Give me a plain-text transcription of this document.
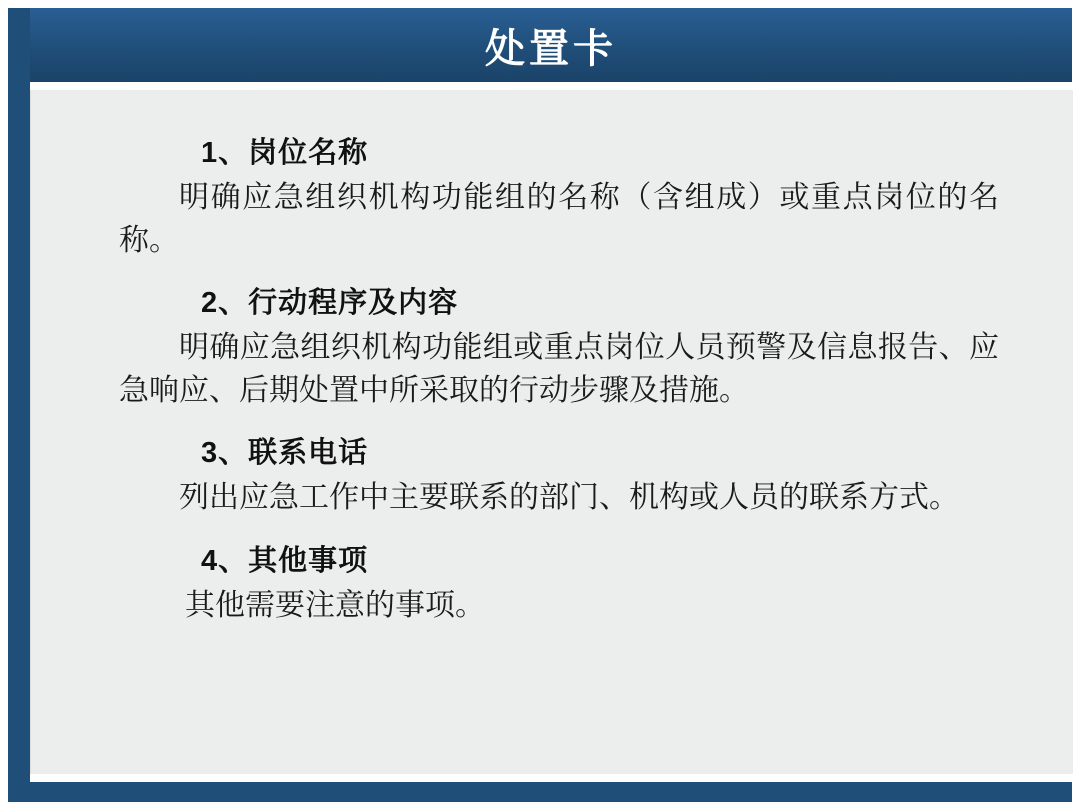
处置卡
1、岗位名称
明确应急组织机构功能组的名称（含组成）或重点岗位的名称。
2、行动程序及内容
明确应急组织机构功能组或重点岗位人员预警及信息报告、应急响应、后期处置中所采取的行动步骤及措施。
3、联系电话
列出应急工作中主要联系的部门、机构或人员的联系方式。
4、其他事项
其他需要注意的事项。
